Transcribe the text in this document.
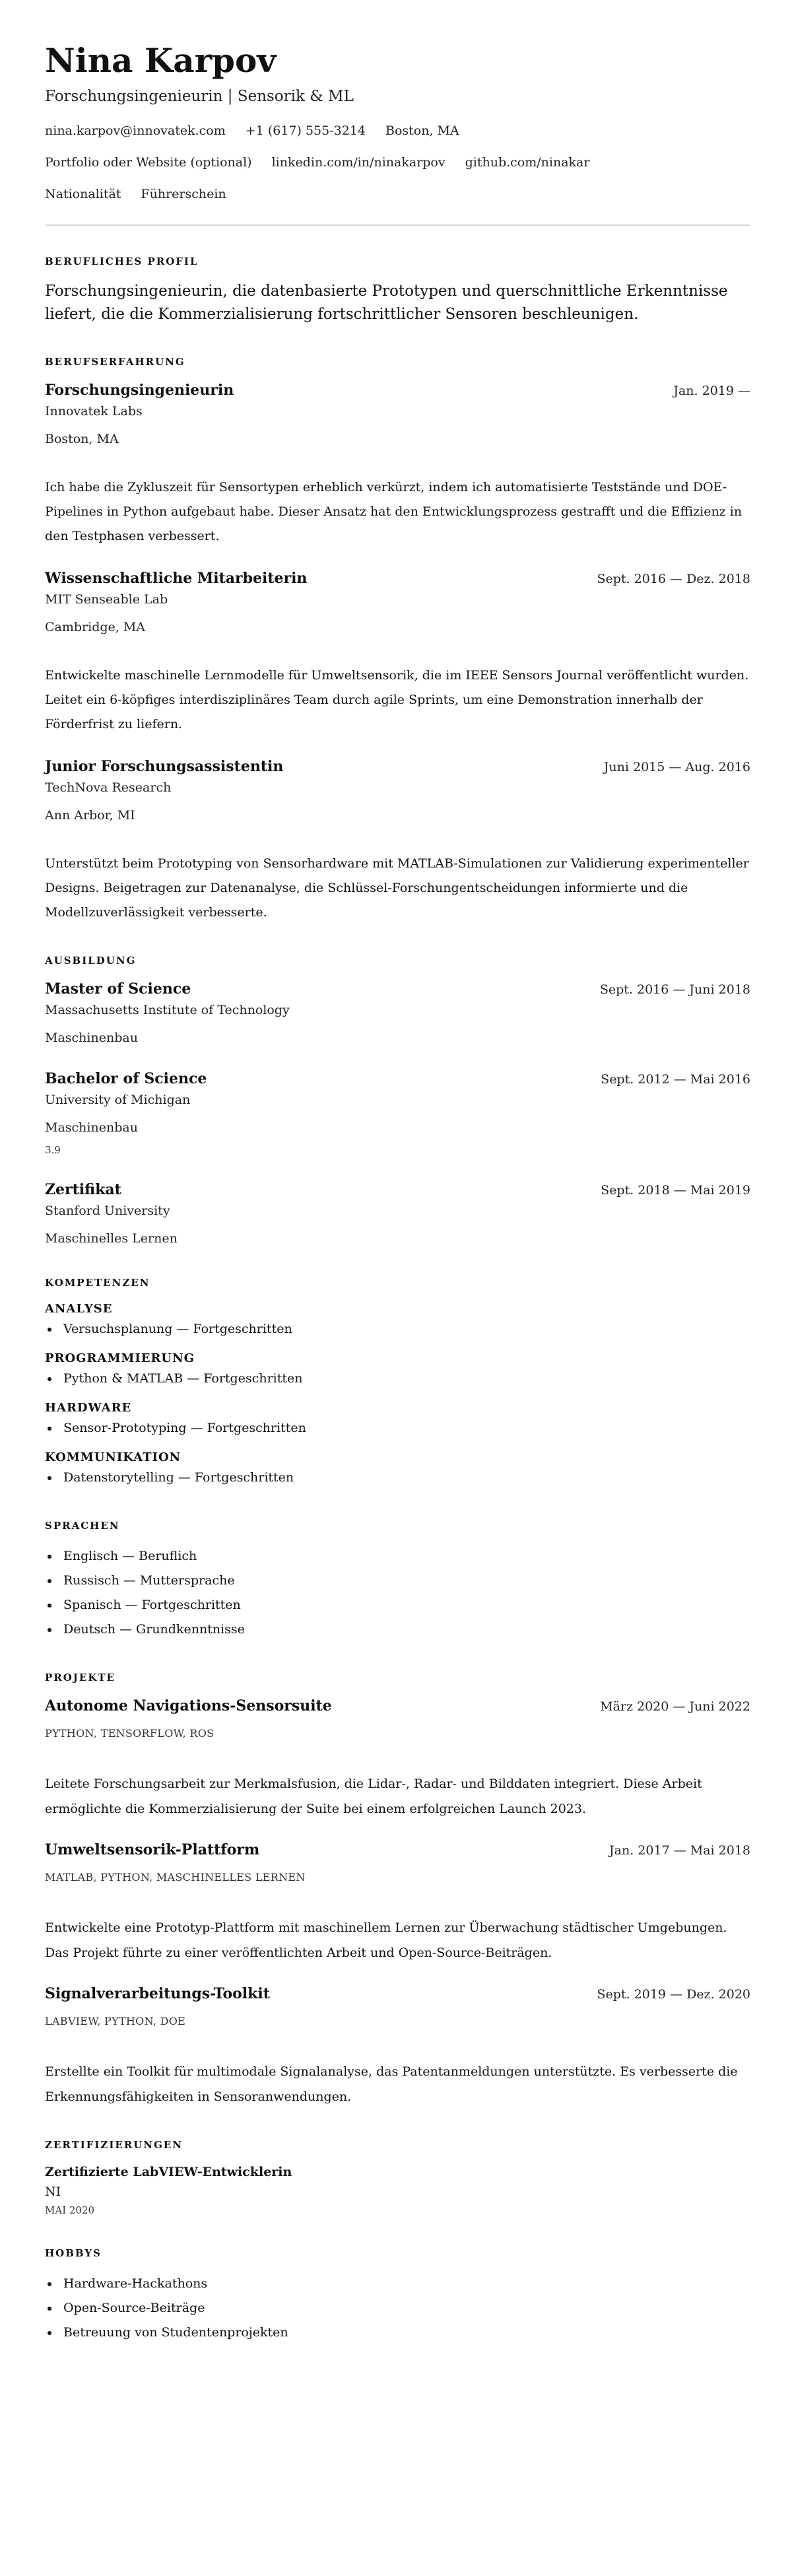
Nina Karpov
Forschungsingenieurin | Sensorik & ML
nina.karpov@innovatek.com +1 (617) 555-3214 Boston, MA
Portfolio oder Website (optional) linkedin.com/in/ninakarpov github.com/ninakar
Nationalität Führerschein
BERUFLICHES PROFIL

Forschungsingenieurin, die datenbasierte Prototypen und querschnittliche Erkenntnisse liefert, die die Kommerzialisierung fortschrittlicher Sensoren beschleunigen.

BERUFSERFAHRUNG
Forschungsingenieurin	Jan. 2019 —
Innovatek Labs
Boston, MA

Ich habe die Zykluszeit für Sensortypen erheblich verkürzt, indem ich automatisierte Teststände und DOE-Pipelines in Python aufgebaut habe. Dieser Ansatz hat den Entwicklungsprozess gestrafft und die Effizienz in den Testphasen verbessert.

Wissenschaftliche Mitarbeiterin	Sept. 2016 — Dez. 2018
MIT Senseable Lab
Cambridge, MA

Entwickelte maschinelle Lernmodelle für Umweltsensorik, die im IEEE Sensors Journal veröffentlicht wurden. Leitet ein 6-köpfiges interdisziplinäres Team durch agile Sprints, um eine Demonstration innerhalb der Förderfrist zu liefern.

Junior Forschungsassistentin	Juni 2015 — Aug. 2016
TechNova Research
Ann Arbor, MI

Unterstützt beim Prototyping von Sensorhardware mit MATLAB-Simulationen zur Validierung experimenteller Designs. Beigetragen zur Datenanalyse, die Schlüssel-Forschungentscheidungen informierte und die Modellzuverlässigkeit verbesserte.

AUSBILDUNG
Master of Science	Sept. 2016 — Juni 2018
Massachusetts Institute of Technology
Maschinenbau
Bachelor of Science	Sept. 2012 — Mai 2016
University of Michigan
Maschinenbau
3.9
Zertifikat	Sept. 2018 — Mai 2019
Stanford University
Maschinelles Lernen
KOMPETENZEN
ANALYSE
Versuchsplanung — Fortgeschritten
PROGRAMMIERUNG
Python & MATLAB — Fortgeschritten
HARDWARE
Sensor-Prototyping — Fortgeschritten
KOMMUNIKATION
Datenstorytelling — Fortgeschritten
SPRACHEN
Englisch — Beruflich
Russisch — Muttersprache
Spanisch — Fortgeschritten
Deutsch — Grundkenntnisse
PROJEKTE
Autonome Navigations-Sensorsuite	März 2020 — Juni 2022
PYTHON, TENSORFLOW, ROS

Leitete Forschungsarbeit zur Merkmalsfusion, die Lidar-, Radar- und Bilddaten integriert. Diese Arbeit ermöglichte die Kommerzialisierung der Suite bei einem erfolgreichen Launch 2023.

Umweltsensorik-Plattform	Jan. 2017 — Mai 2018
MATLAB, PYTHON, MASCHINELLES LERNEN

Entwickelte eine Prototyp-Plattform mit maschinellem Lernen zur Überwachung städtischer Umgebungen. Das Projekt führte zu einer veröffentlichten Arbeit und Open-Source-Beiträgen.

Signalverarbeitungs-Toolkit	Sept. 2019 — Dez. 2020
LABVIEW, PYTHON, DOE

Erstellte ein Toolkit für multimodale Signalanalyse, das Patentanmeldungen unterstützte. Es verbesserte die Erkennungsfähigkeiten in Sensoranwendungen.

ZERTIFIZIERUNGEN
Zertifizierte LabVIEW-Entwicklerin
NI
MAI 2020
HOBBYS
Hardware-Hackathons
Open-Source-Beiträge
Betreuung von Studentenprojekten
